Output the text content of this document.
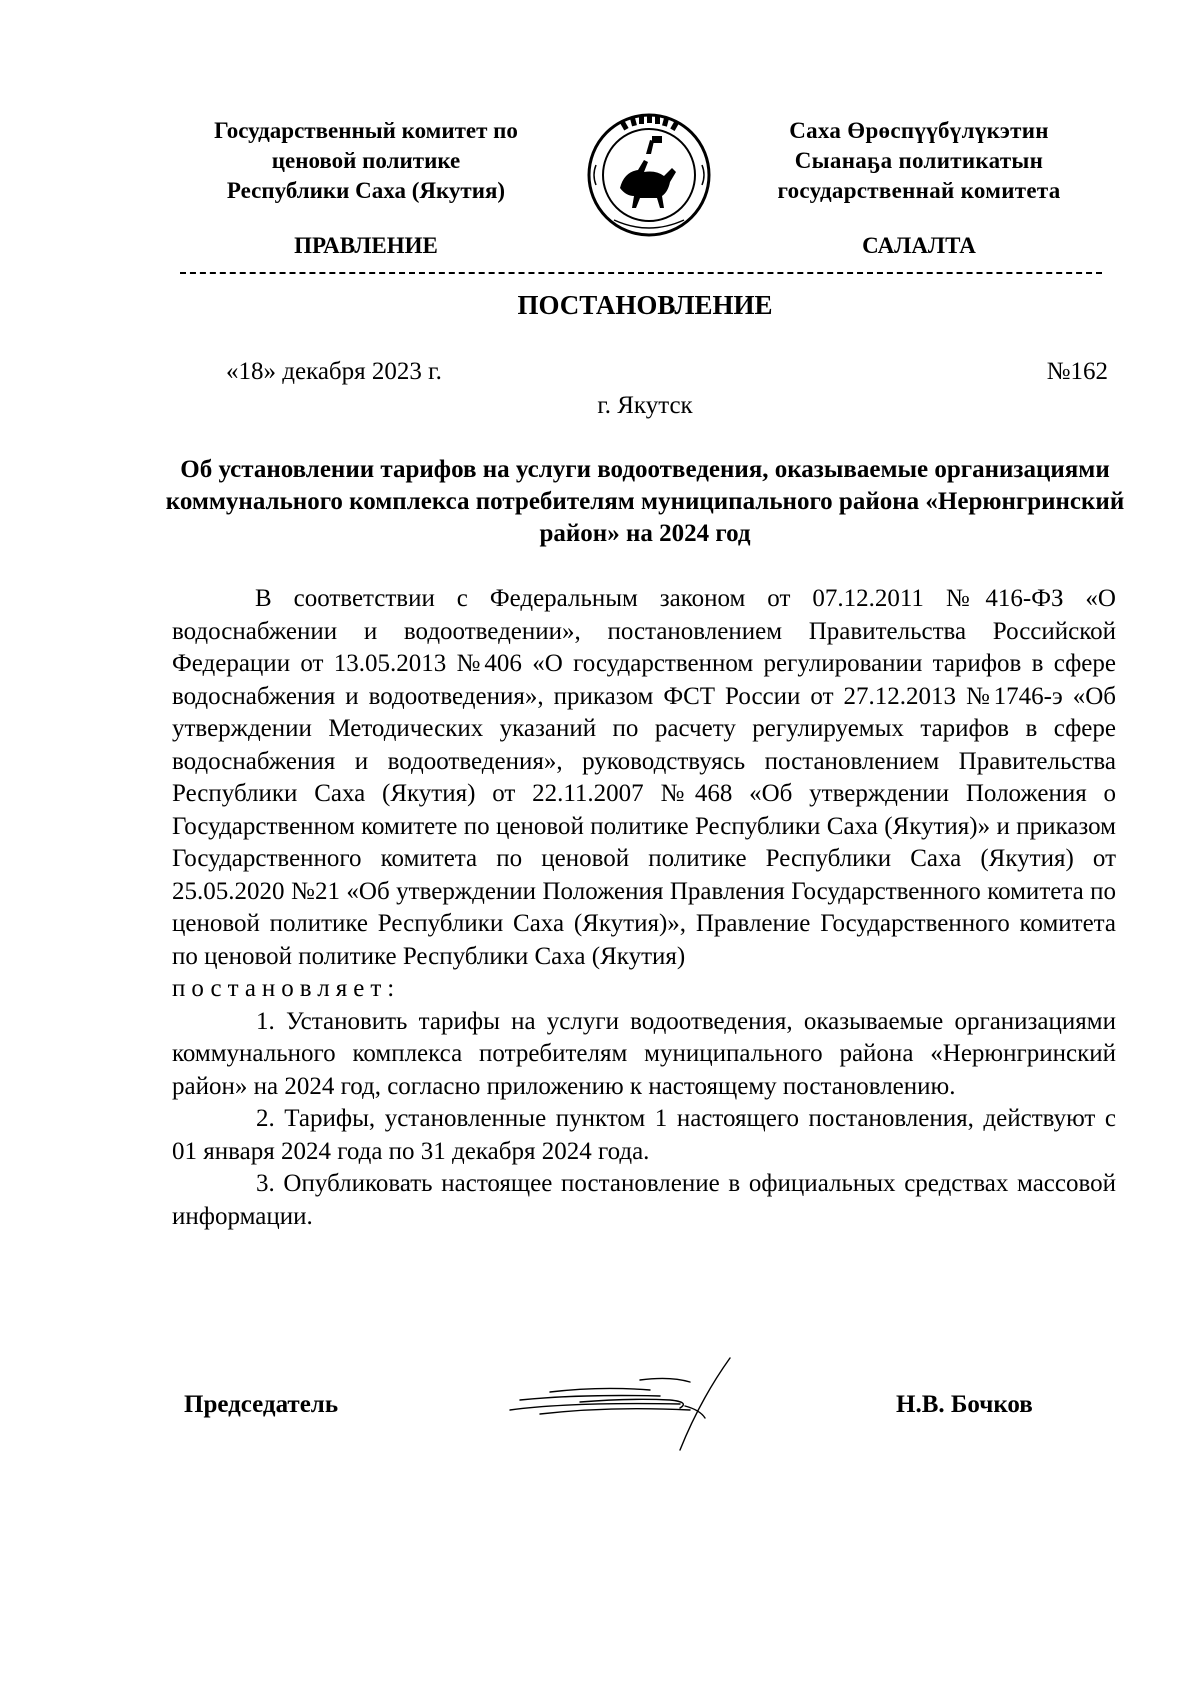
Государственный комитет по
ценовой политике
Республики Саха (Якутия)
Саха Өрөспүүбүлүкэтин
Сыанаҕа политикатын
государственнай комитета
ПРАВЛЕНИЕ	САЛАЛТА
ПОСТАНОВЛЕНИЕ
«18» декабря 2023 г.	№162
г. Якутск
Об установлении тарифов на услуги водоотведения, оказываемые организациями коммунального комплекса потребителям муниципального района «Нерюнгринский район» на 2024 год

В соответствии с Федеральным законом от 07.12.2011 №416-ФЗ «О водоснабжении и водоотведении», постановлением Правительства Российской Федерации от 13.05.2013 №406 «О государственном регулировании тарифов в сфере водоснабжения и водоотведения», приказом ФСТ России от 27.12.2013 №1746-э «Об утверждении Методических указаний по расчету регулируемых тарифов в сфере водоснабжения и водоотведения», руководствуясь постановлением Правительства Республики Саха (Якутия) от 22.11.2007 №468 «Об утверждении Положения о Государственном комитете по ценовой политике Республики Саха (Якутия)» и приказом Государственного комитета по ценовой политике Республики Саха (Якутия) от 25.05.2020 №21 «Об утверждении Положения Правления Государственного комитета по ценовой политике Республики Саха (Якутия)», Правление Государственного комитета по ценовой политике Республики Саха (Якутия)

постановляет:

1. Установить тарифы на услуги водоотведения, оказываемые организациями коммунального комплекса потребителям муниципального района «Нерюнгринский район» на 2024 год, согласно приложению к настоящему постановлению.

2. Тарифы, установленные пунктом 1 настоящего постановления, действуют с 01 января 2024 года по 31 декабря 2024 года.

3. Опубликовать настоящее постановление в официальных средствах массовой информации.

Председатель	Н.В. Бочков
